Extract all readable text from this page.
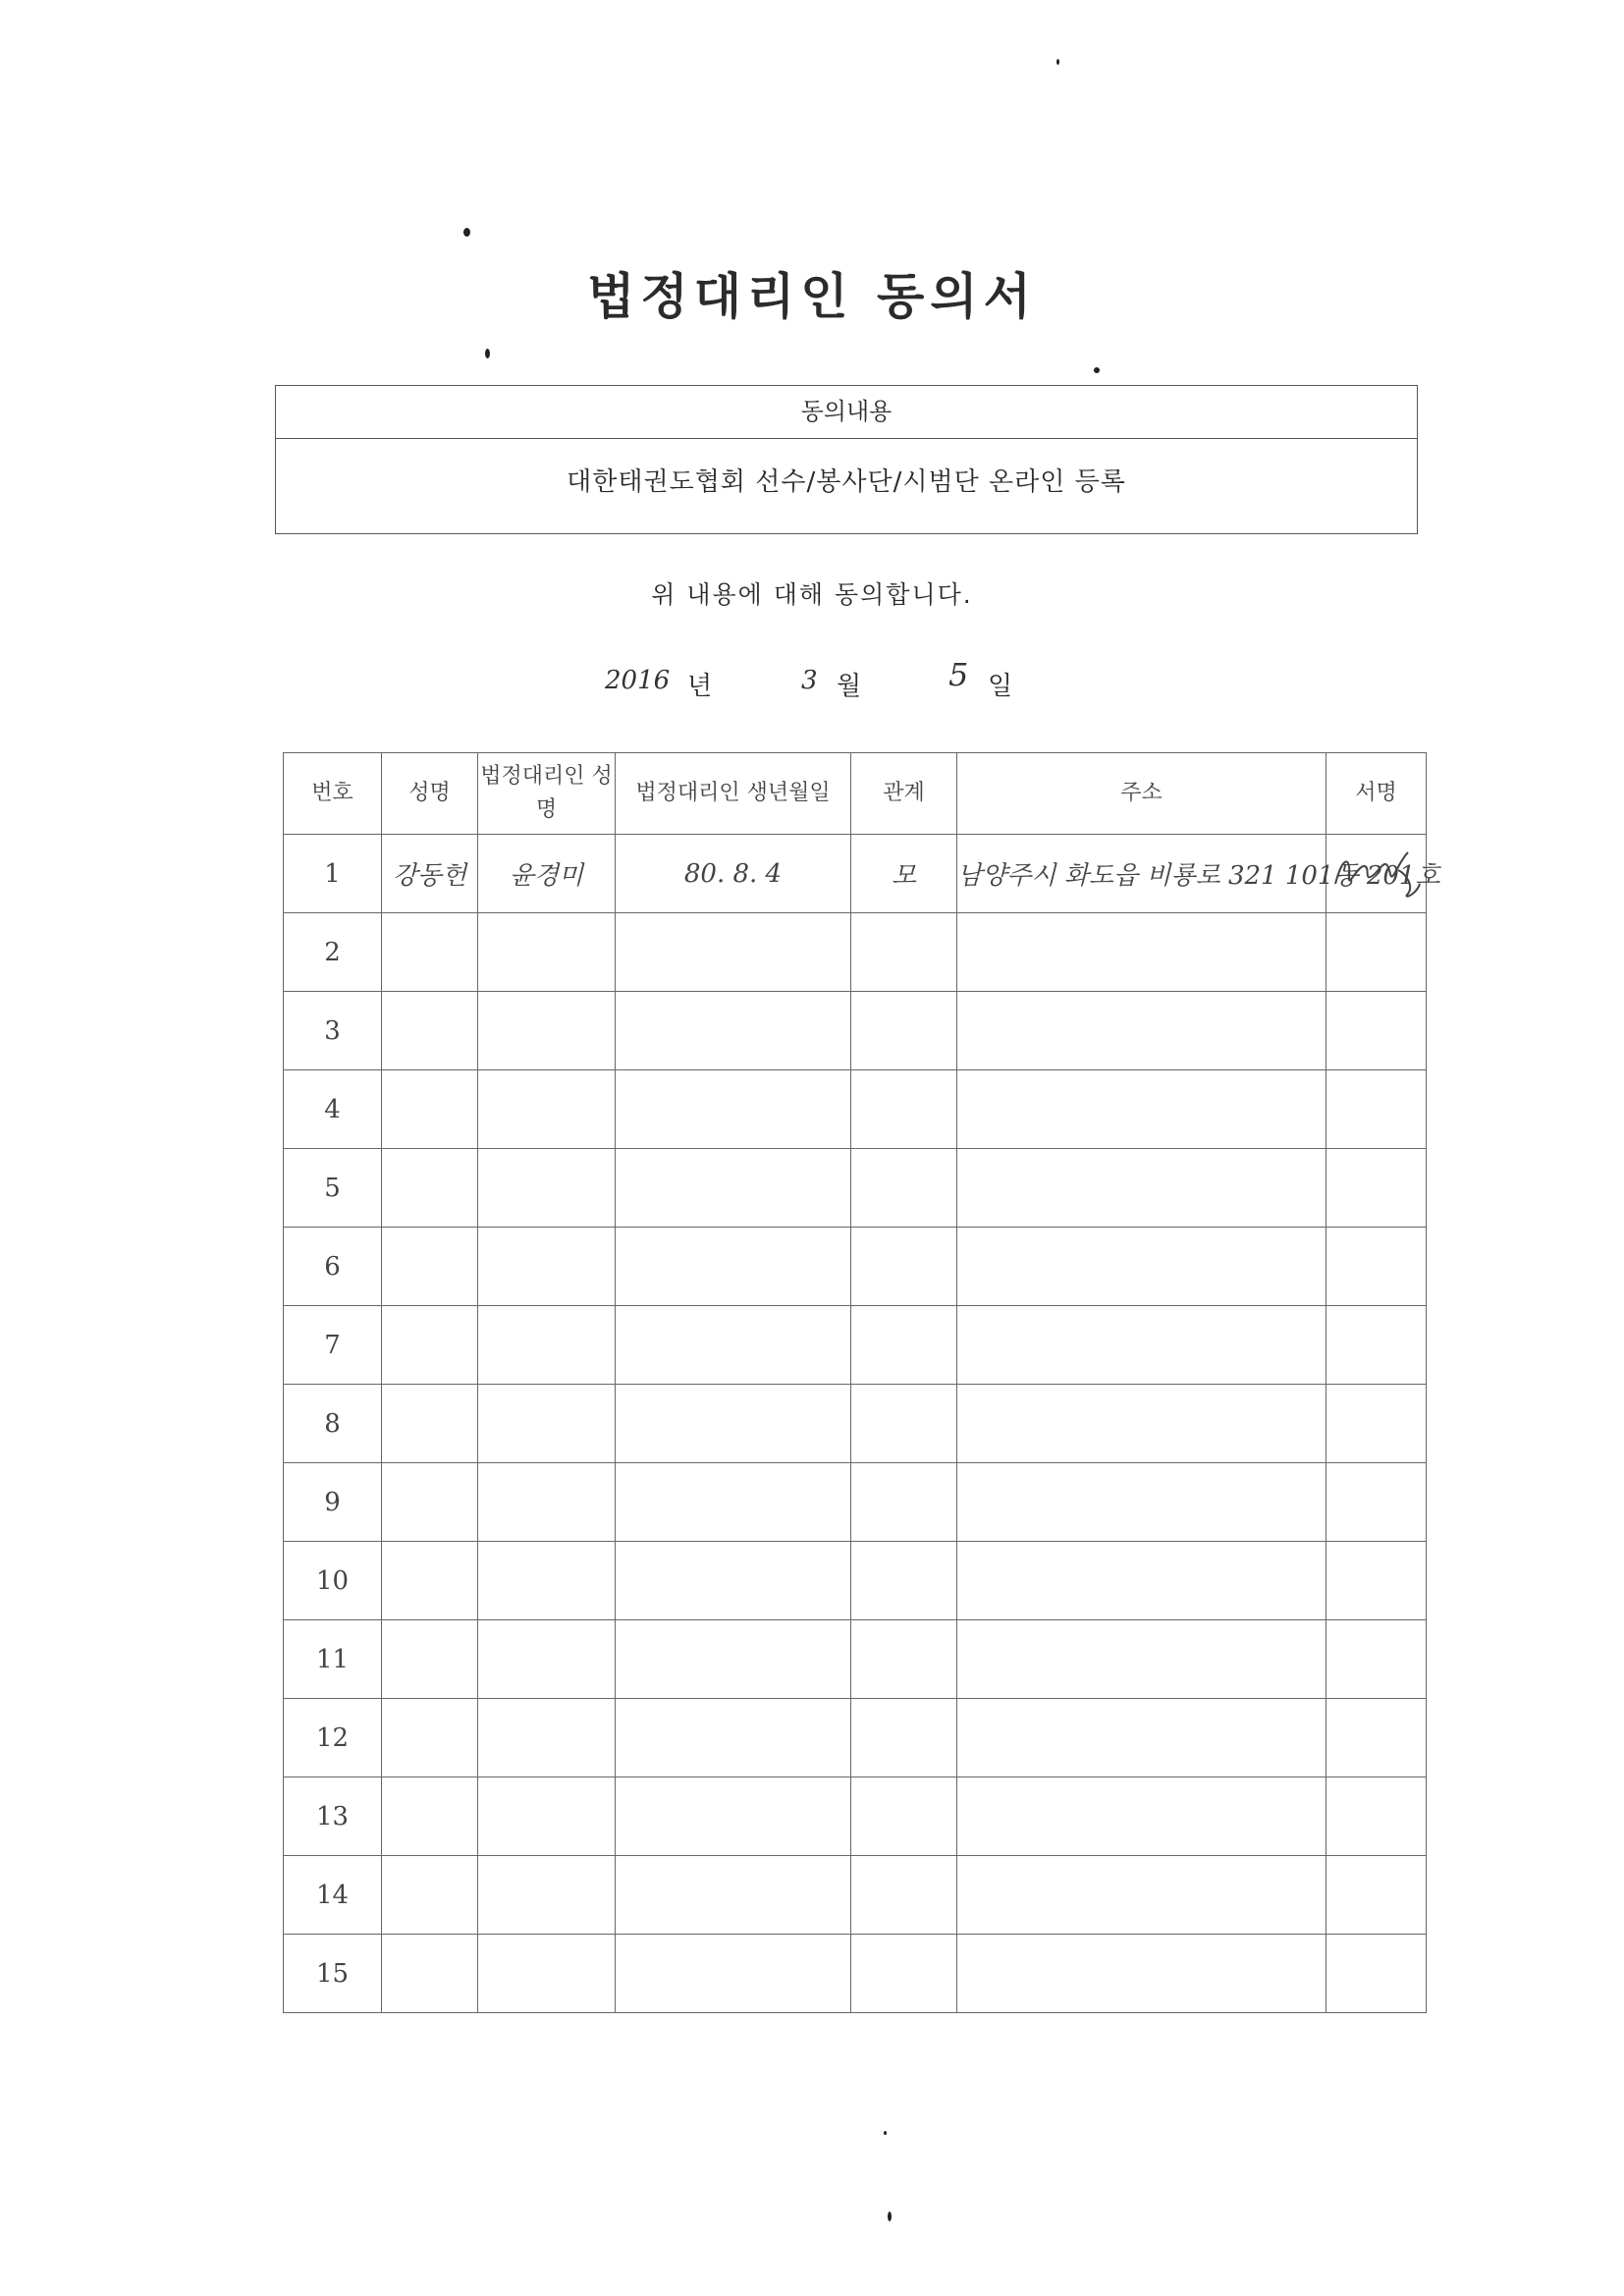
법정대리인 동의서
동의내용
대한태권도협회 선수/봉사단/시범단 온라인 등록
위 내용에 대해 동의합니다.
2016 년	3 월	5 일
번호	성명	법정대리인 성명	법정대리인 생년월일	관계	주소	서명
1	강동헌	윤경미	80. 8. 4	모	남양주시 화도읍 비룡로 321 101동 201호	

2						
3						
4						
5						
6						
7						
8						
9						
10						
11						
12						
13						
14						
15						
